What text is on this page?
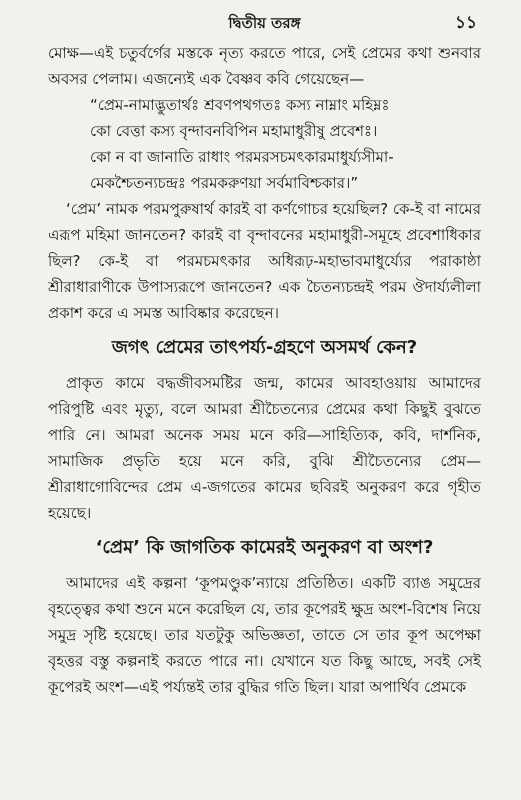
দ্বিতীয় তরঙ্গ	১১

মোক্ষ—এই চতুর্বর্গের মস্তকে নৃত্য করতে পারে, সেই প্রেমের কথা শুনবার অবসর পেলাম। এজন্যেই এক বৈষ্ণব কবি গেয়েছেন—

“প্রেম-নামাদ্ভুতার্থঃ শ্রবণপথগতঃ কস্য নাম্নাং মহিম্নঃ
কো বেত্তা কস্য বৃন্দাবনবিপিন মহামাধুরীষু প্রবেশঃ।
কো ন বা জানাতি রাধাং পরমরসচমৎকারমাধুর্য্যসীমা-
মেকশ্চৈতন্যচন্দ্রঃ পরমকরুণয়া সর্বমাবিশ্চকার।”

‘প্রেম’ নামক পরমপুরুষার্থ কারই বা কর্ণগোচর হয়েছিল? কে-ই বা নামের এরূপ মহিমা জানতেন? কারই বা বৃন্দাবনের মহামাধুরী-সমূহে প্রবেশাধিকার ছিল? কে-ই বা পরমচমৎকার অধিরূঢ়-মহাভাবমাধুর্য্যের পরাকাষ্ঠা শ্রীরাধারাণীকে উপাস্যরূপে জানতেন? এক চৈতন্যচন্দ্রই পরম ঔদার্য্যলীলা প্রকাশ করে এ সমস্ত আবিষ্কার করেছেন।

জগৎ প্রেমের তাৎপর্য্য-গ্রহণে অসমর্থ কেন?

প্রাকৃত কামে বদ্ধজীবসমষ্টির জন্ম, কামের আবহাওয়ায় আমাদের পরিপুষ্টি এবং মৃত্যু, বলে আমরা শ্রীচৈতন্যের প্রেমের কথা কিছুই বুঝতে পারি নে। আমরা অনেক সময় মনে করি—সাহিত্যিক, কবি, দার্শনিক, সামাজিক প্রভৃতি হয়ে মনে করি, বুঝি শ্রীচৈতন্যের প্রেম—শ্রীরাধাগোবিন্দের প্রেম এ-জগতের কামের ছবিরই অনুকরণ করে গৃহীত হয়েছে।

‘প্রেম’ কি জাগতিক কামেরই অনুকরণ বা অংশ?

আমাদের এই কল্পনা ‘কূপমণ্ডুক’ন্যায়ে প্রতিষ্ঠিত। একটি ব্যাঙ সমুদ্রের বৃহত্ত্বের কথা শুনে মনে করেছিল যে, তার কূপেরই ক্ষুদ্র অংশ-বিশেষ নিয়ে সমুদ্র সৃষ্টি হয়েছে। তার যতটুকু অভিজ্ঞতা, তাতে সে তার কূপ অপেক্ষা বৃহত্তর বস্তু কল্পনাই করতে পারে না। যেখানে যত কিছু আছে, সবই সেই কূপেরই অংশ—এই পর্য্যন্তই তার বুদ্ধির গতি ছিল। যারা অপার্থিব প্রেমকে
